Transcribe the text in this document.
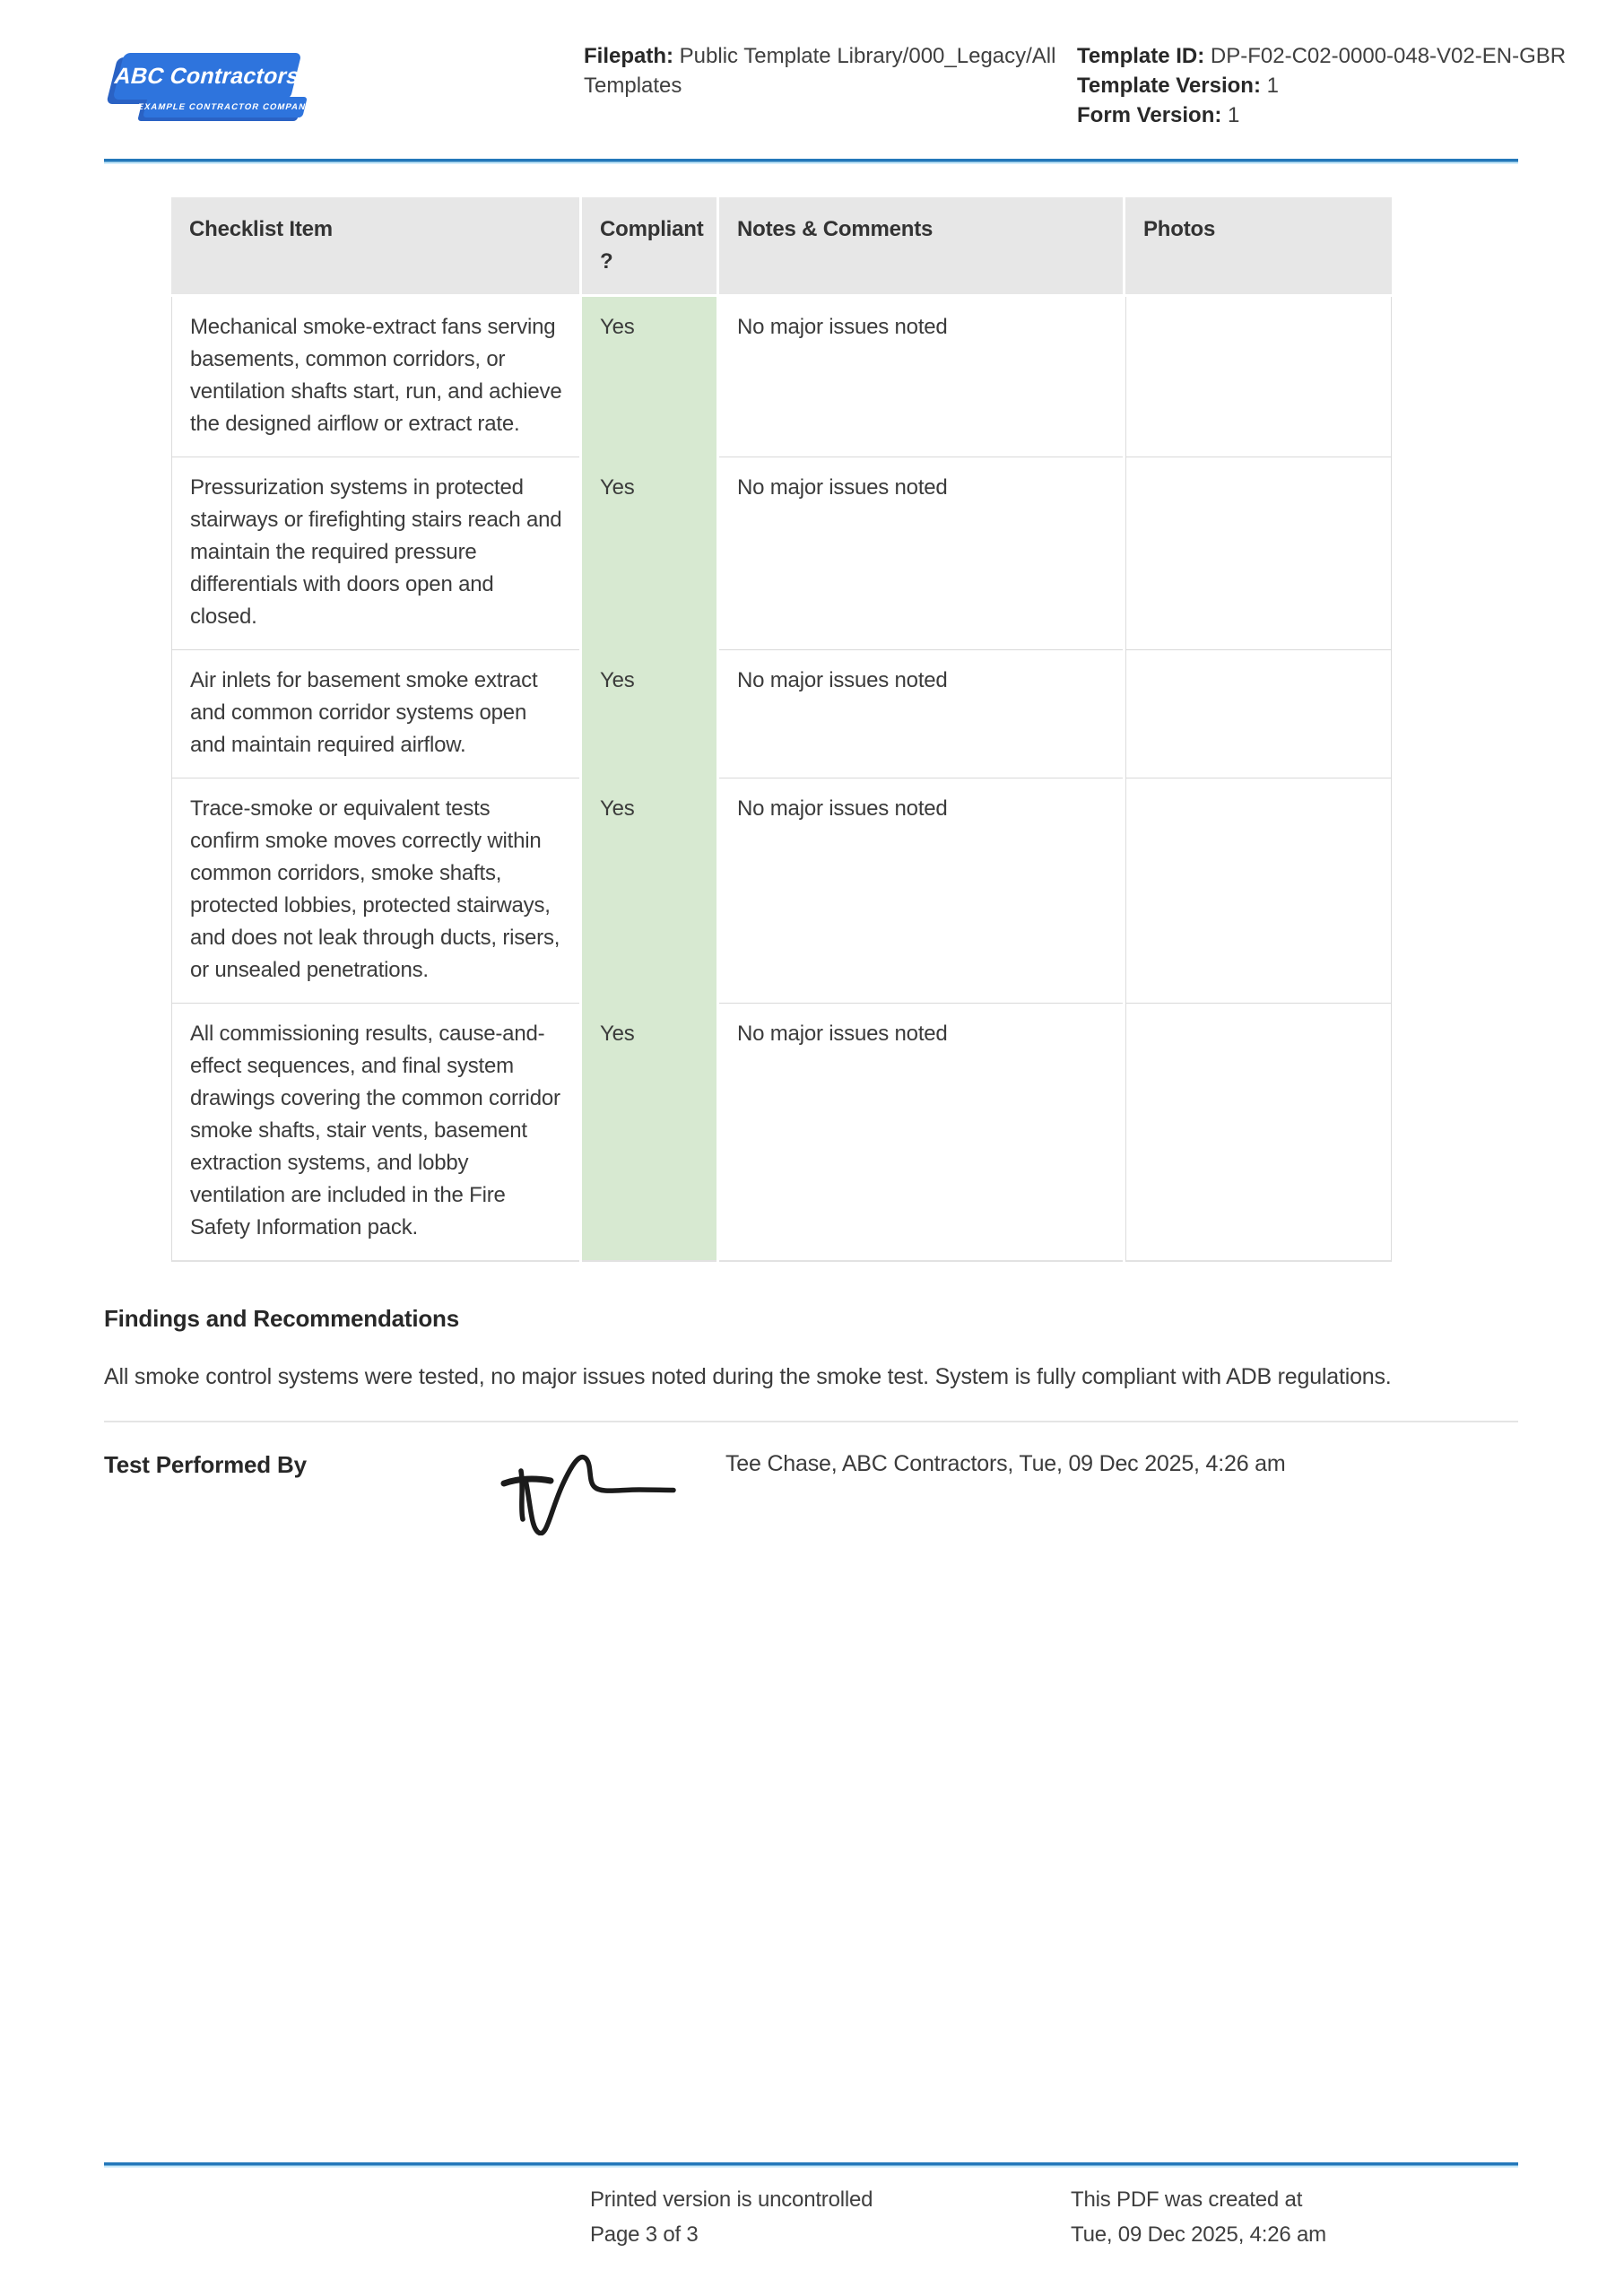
ABC Contractors
EXAMPLE CONTRACTOR COMPANY
Filepath: Public Template Library/000_Legacy/All Templates
Template ID: DP-F02-C02-0000-048-V02-EN-GBR
Template Version: 1
Form Version: 1
Checklist Item	Compliant ?	Notes & Comments	Photos
Mechanical smoke-extract fans serving basements, common corridors, or ventilation shafts start, run, and achieve the designed airflow or extract rate.	Yes	No major issues noted	
Pressurization systems in protected stairways or firefighting stairs reach and maintain the required pressure differentials with doors open and closed.	Yes	No major issues noted	
Air inlets for basement smoke extract and common corridor systems open and maintain required airflow.	Yes	No major issues noted	
Trace-smoke or equivalent tests confirm smoke moves correctly within common corridors, smoke shafts, protected lobbies, protected stairways, and does not leak through ducts, risers, or unsealed penetrations.	Yes	No major issues noted	
All commissioning results, cause-and-effect sequences, and final system drawings covering the common corridor smoke shafts, stair vents, basement extraction systems, and lobby ventilation are included in the Fire Safety Information pack.	Yes	No major issues noted	
Findings and Recommendations
All smoke control systems were tested, no major issues noted during the smoke test. System is fully compliant with ADB regulations.
Test Performed By	Tee Chase, ABC Contractors, Tue, 09 Dec 2025, 4:26 am
Printed version is uncontrolled
Page 3 of 3
This PDF was created at
Tue, 09 Dec 2025, 4:26 am
